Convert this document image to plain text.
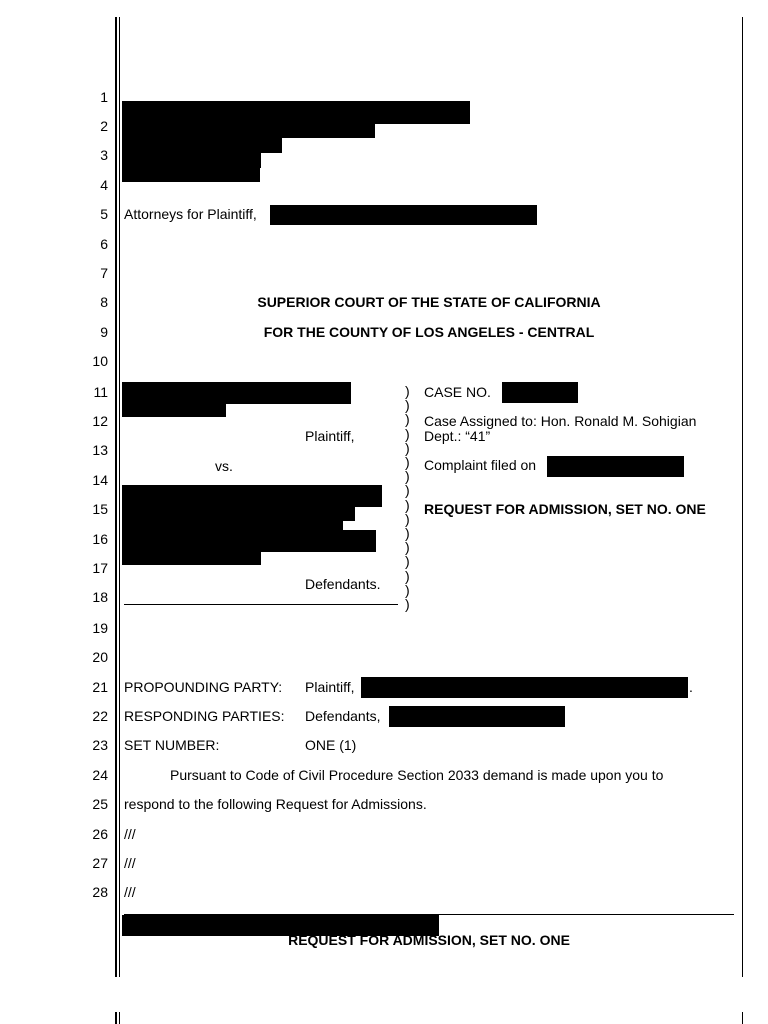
1
2
3
4
5
6
7
8
9
10
11
12
13
14
15
16
17
18
19
20
21
22
23
24
25
26
27
28
Attorneys for Plaintiff,
SUPERIOR COURT OF THE STATE OF CALIFORNIA
FOR THE COUNTY OF LOS ANGELES - CENTRAL
Plaintiff,
vs.
Defendants.
)
)
)
)
)
)
)
)
)
)
)
)
)
)
)
)
CASE NO.
Case Assigned to: Hon. Ronald M. Sohigian
Dept.: “41”
Complaint filed on
REQUEST FOR ADMISSION, SET NO. ONE
PROPOUNDING PARTY: Plaintiff,	.
RESPONDING PARTIES: Defendants,
SET NUMBER:	ONE (1)
Pursuant to Code of Civil Procedure Section 2033 demand is made upon you to
respond to the following Request for Admissions.
///
///
///
REQUEST FOR ADMISSION, SET NO. ONE
